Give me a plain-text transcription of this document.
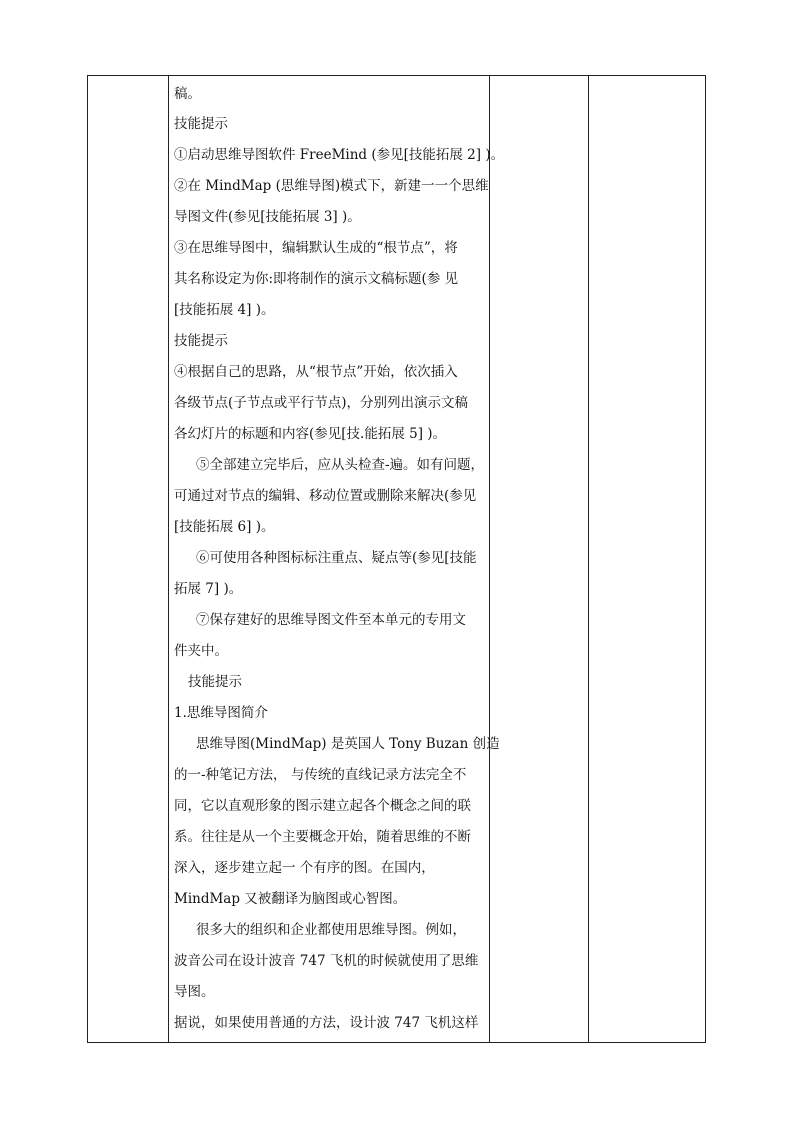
稿。
技能提示
①启动思维导图软件 FreeMind (参见[技能拓展 2] )。
②在 MindMap (思维导图)模式下，新建一一个思维
导图文件(参见[技能拓展 3] )。
③在思维导图中，编辑默认生成的“根节点”，将
其名称设定为你:即将制作的演示文稿标题(参 见
[技能拓展 4] )。
技能提示
④根据自己的思路，从“根节点”开始，依次插入
各级节点(子节点或平行节点)，分别列出演示文稿
各幻灯片的标题和内容(参见[技.能拓展 5] )。
⑤全部建立完毕后，应从头检查-遍。如有问题，
可通过对节点的编辑、移动位置或删除来解决(参见
[技能拓展 6] )。
⑥可使用各种图标标注重点、疑点等(参见[技能
拓展 7] )。
⑦保存建好的思维导图文件至本单元的专用文
件夹中。
技能提示
1.思维导图简介
思维导图(MindMap) 是英国人 Tony Buzan 创造
的一-种笔记方法， 与传统的直线记录方法完全不
同，它以直观形象的图示建立起各个概念之间的联
系。往往是从一个主要概念开始，随着思维的不断
深入，逐步建立起一 个有序的图。在国内，
MindMap 又被翻译为脑图或心智图。
很多大的组织和企业都使用思维导图。例如，
波音公司在设计波音 747 飞机的时候就使用了思维
导图。
据说，如果使用普通的方法，设计波 747 飞机这样
